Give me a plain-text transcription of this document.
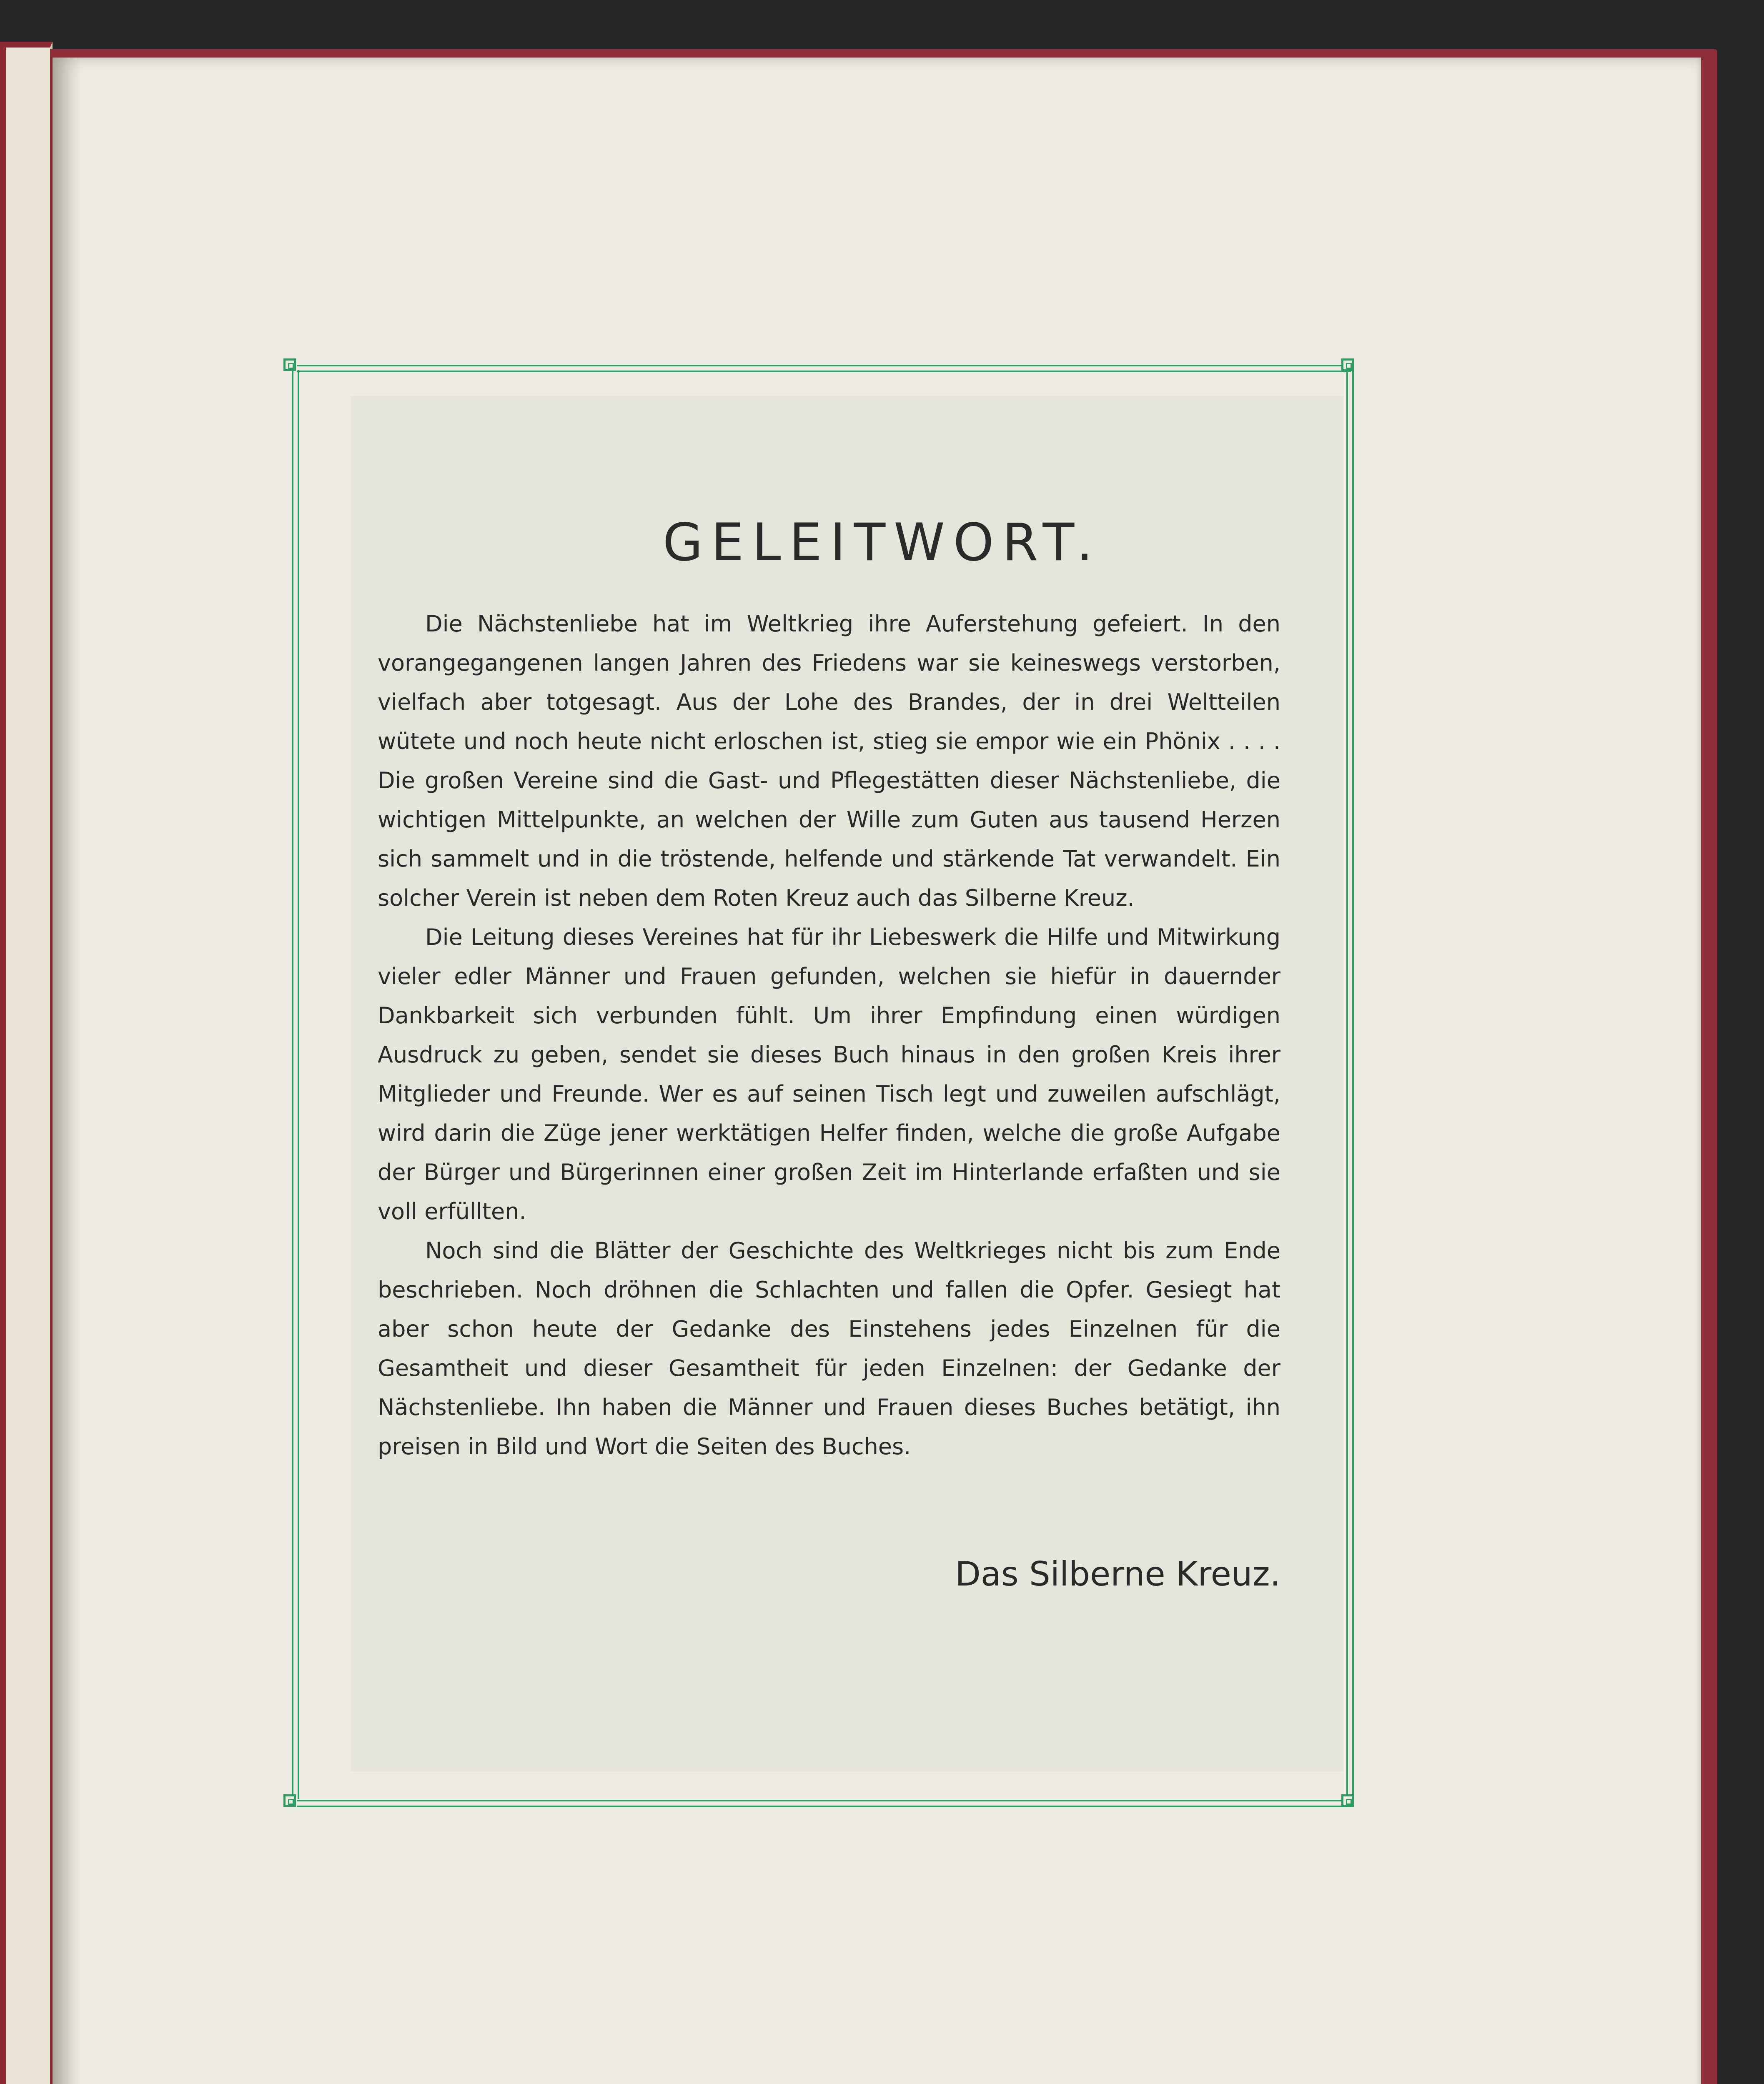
GELEITWORT.

Die Nächstenliebe hat im Weltkrieg ihre Auferstehung gefeiert. In den vorangegangenen langen Jahren des Friedens war sie keineswegs verstorben, vielfach aber totgesagt. Aus der Lohe des Brandes, der in drei Weltteilen wütete und noch heute nicht erloschen ist, stieg sie empor wie ein Phönix . . . . Die großen Vereine sind die Gast- und Pflegestätten dieser Nächstenliebe, die wichtigen Mittelpunkte, an welchen der Wille zum Guten aus tausend Herzen sich sammelt und in die tröstende, helfende und stärkende Tat verwandelt. Ein solcher Verein ist neben dem Roten Kreuz auch das Silberne Kreuz.

Die Leitung dieses Vereines hat für ihr Liebeswerk die Hilfe und Mitwirkung vieler edler Männer und Frauen gefunden, welchen sie hiefür in dauernder Dankbarkeit sich verbunden fühlt. Um ihrer Empfindung einen würdigen Ausdruck zu geben, sendet sie dieses Buch hinaus in den großen Kreis ihrer Mitglieder und Freunde. Wer es auf seinen Tisch legt und zuweilen aufschlägt, wird darin die Züge jener werktätigen Helfer finden, welche die große Aufgabe der Bürger und Bürgerinnen einer großen Zeit im Hinterlande erfaßten und sie voll erfüllten.

Noch sind die Blätter der Geschichte des Weltkrieges nicht bis zum Ende beschrieben. Noch dröhnen die Schlachten und fallen die Opfer. Gesiegt hat aber schon heute der Gedanke des Einstehens jedes Einzelnen für die Gesamtheit und dieser Gesamtheit für jeden Einzelnen: der Gedanke der Nächstenliebe. Ihn haben die Männer und Frauen dieses Buches betätigt, ihn preisen in Bild und Wort die Seiten des Buches.

Das Silberne Kreuz.
